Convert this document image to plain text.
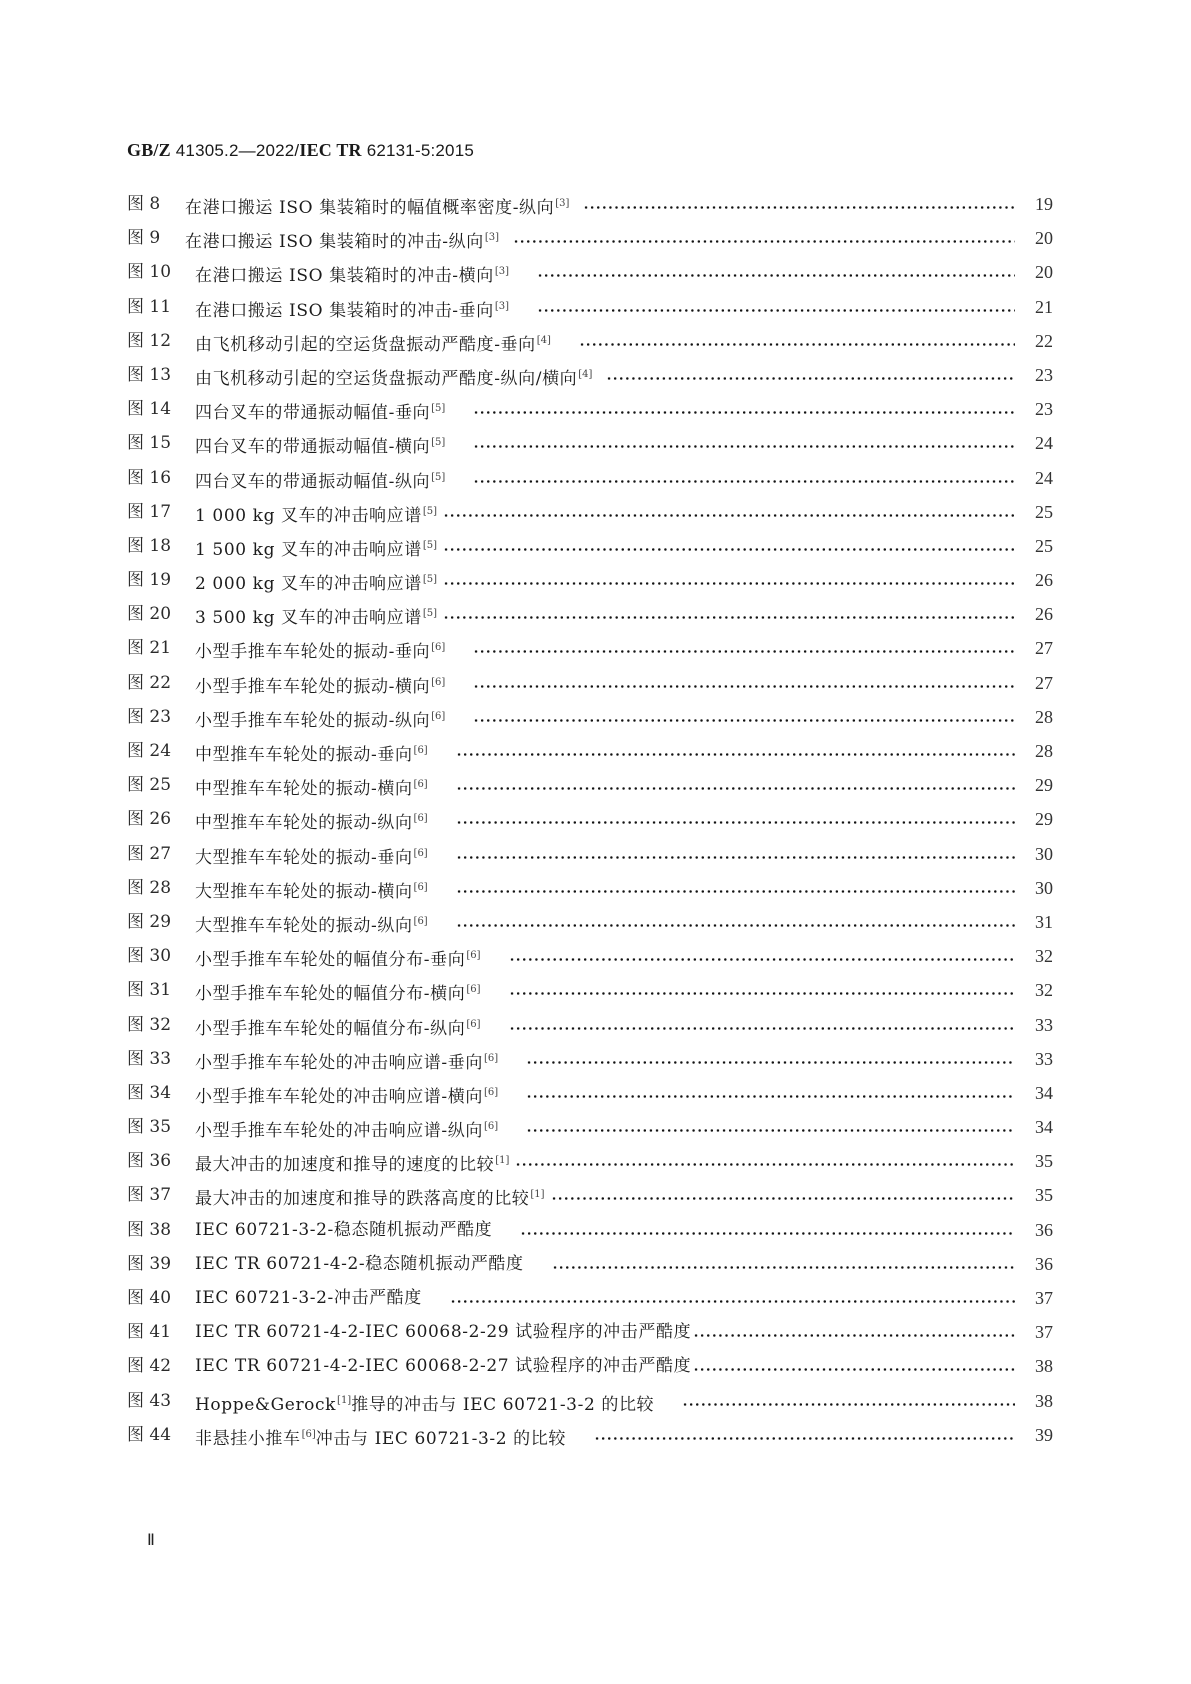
GB/Z 41305.2—2022/IEC TR 62131-5:2015
图 8	在港口搬运 ISO 集装箱时的幅值概率密度-纵向[3]	19
图 9	在港口搬运 ISO 集装箱时的冲击-纵向[3]	20
图 10	在港口搬运 ISO 集装箱时的冲击-横向[3]	20
图 11	在港口搬运 ISO 集装箱时的冲击-垂向[3]	21
图 12	由飞机移动引起的空运货盘振动严酷度-垂向[4]	22
图 13	由飞机移动引起的空运货盘振动严酷度-纵向/横向[4]	23
图 14	四台叉车的带通振动幅值-垂向[5]	23
图 15	四台叉车的带通振动幅值-横向[5]	24
图 16	四台叉车的带通振动幅值-纵向[5]	24
图 17	1 000 kg 叉车的冲击响应谱[5]	25
图 18	1 500 kg 叉车的冲击响应谱[5]	25
图 19	2 000 kg 叉车的冲击响应谱[5]	26
图 20	3 500 kg 叉车的冲击响应谱[5]	26
图 21	小型手推车车轮处的振动-垂向[6]	27
图 22	小型手推车车轮处的振动-横向[6]	27
图 23	小型手推车车轮处的振动-纵向[6]	28
图 24	中型推车车轮处的振动-垂向[6]	28
图 25	中型推车车轮处的振动-横向[6]	29
图 26	中型推车车轮处的振动-纵向[6]	29
图 27	大型推车车轮处的振动-垂向[6]	30
图 28	大型推车车轮处的振动-横向[6]	30
图 29	大型推车车轮处的振动-纵向[6]	31
图 30	小型手推车车轮处的幅值分布-垂向[6]	32
图 31	小型手推车车轮处的幅值分布-横向[6]	32
图 32	小型手推车车轮处的幅值分布-纵向[6]	33
图 33	小型手推车车轮处的冲击响应谱-垂向[6]	33
图 34	小型手推车车轮处的冲击响应谱-横向[6]	34
图 35	小型手推车车轮处的冲击响应谱-纵向[6]	34
图 36	最大冲击的加速度和推导的速度的比较[1]	35
图 37	最大冲击的加速度和推导的跌落高度的比较[1]	35
图 38	IEC 60721-3-2-稳态随机振动严酷度	36
图 39	IEC TR 60721-4-2-稳态随机振动严酷度	36
图 40	IEC 60721-3-2-冲击严酷度	37
图 41	IEC TR 60721-4-2-IEC 60068-2-29 试验程序的冲击严酷度	37
图 42	IEC TR 60721-4-2-IEC 60068-2-27 试验程序的冲击严酷度	38
图 43	Hoppe&Gerock[1]推导的冲击与 IEC 60721-3-2 的比较	38
图 44	非悬挂小推车[6]冲击与 IEC 60721-3-2 的比较	39
Ⅱ
